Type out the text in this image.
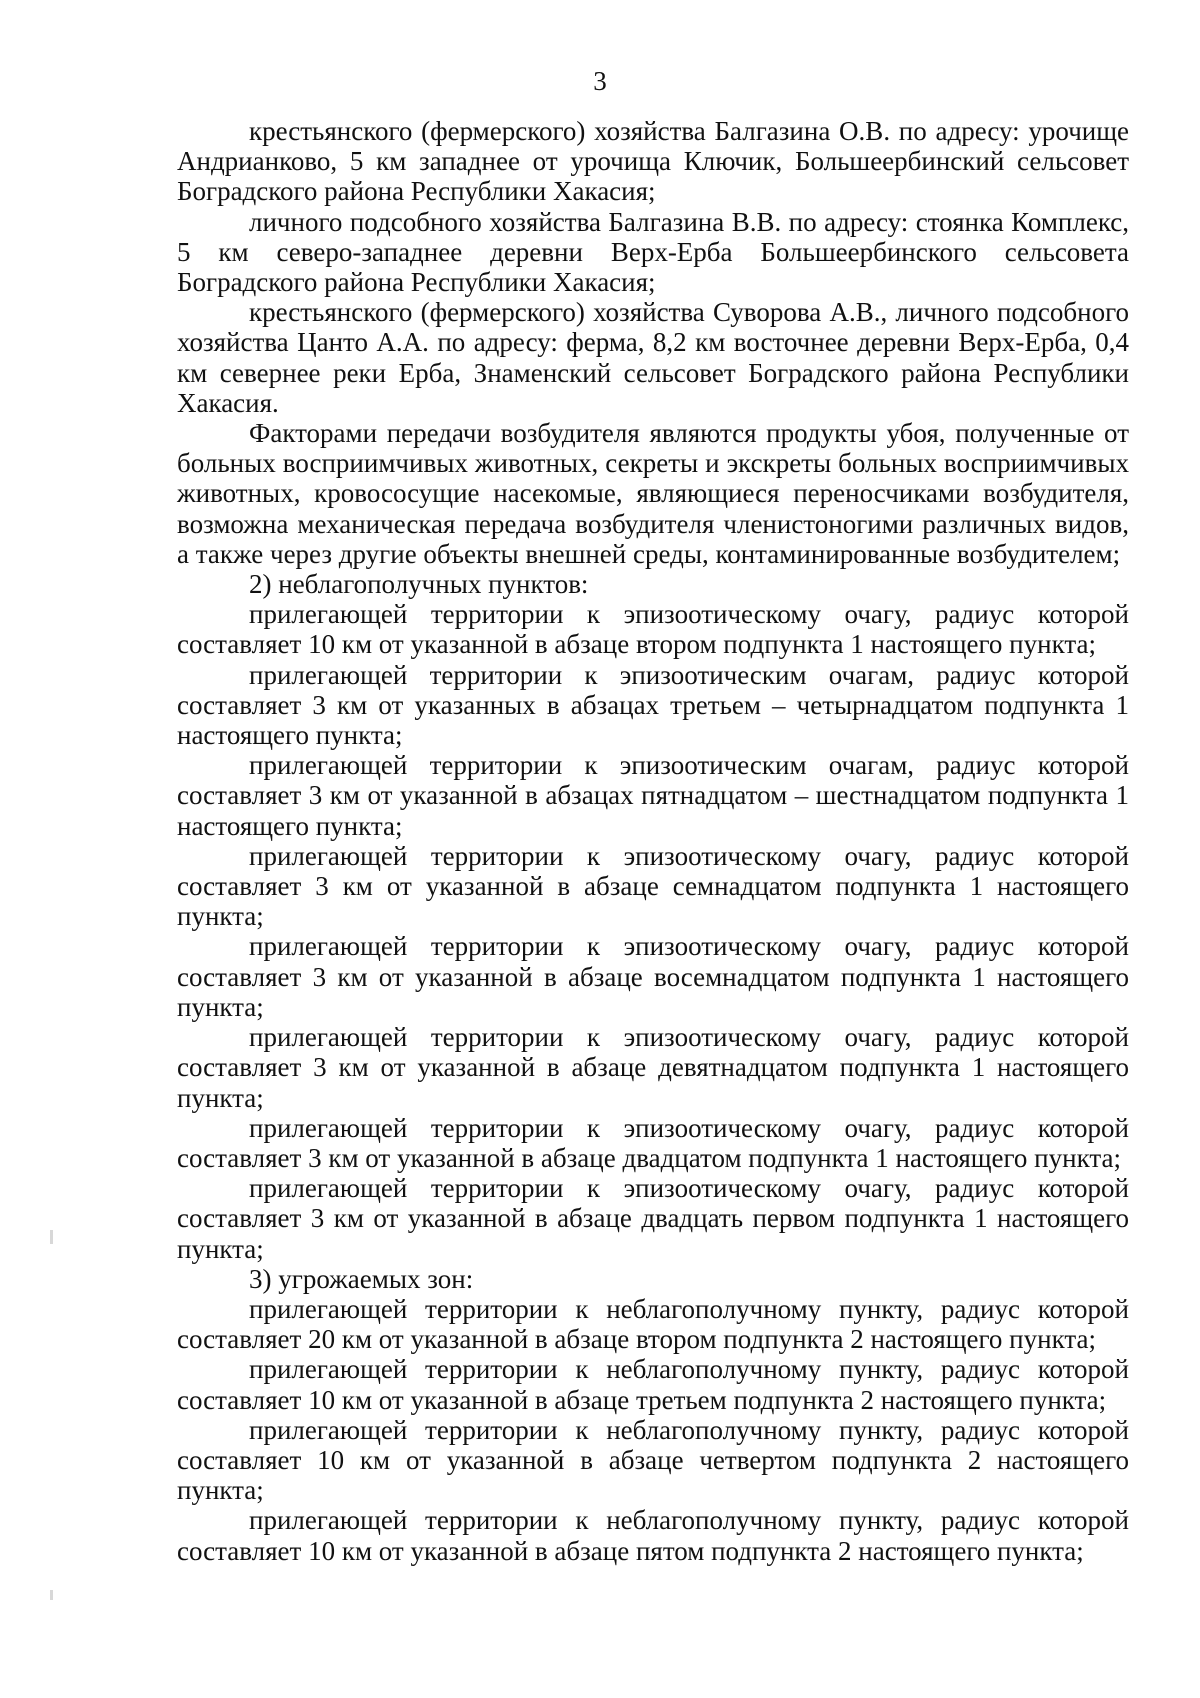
3

крестьянского (фермерского) хозяйства Балгазина О.В. по адресу: урочище Андрианково, 5 км западнее от урочища Ключик, Большеербинский сельсовет Боградского района Республики Хакасия;

личного подсобного хозяйства Балгазина В.В. по адресу: стоянка Комплекс, 5 км северо-западнее деревни Верх-Ерба Большеербинского сельсовета Боградского района Республики Хакасия;

крестьянского (фермерского) хозяйства Суворова А.В., личного подсобного хозяйства Цанто А.А. по адресу: ферма, 8,2 км восточнее деревни Верх-Ерба, 0,4 км севернее реки Ерба, Знаменский сельсовет Боградского района Республики Хакасия.

Факторами передачи возбудителя являются продукты убоя, полученные от больных восприимчивых животных, секреты и экскреты больных восприимчивых животных, кровососущие насекомые, являющиеся переносчиками возбудителя, возможна механическая передача возбудителя членистоногими различных видов, а также через другие объекты внешней среды, контаминированные возбудителем;

2) неблагополучных пунктов:

прилегающей территории к эпизоотическому очагу, радиус которой составляет 10 км от указанной в абзаце втором подпункта 1 настоящего пункта;

прилегающей территории к эпизоотическим очагам, радиус которой составляет 3 км от указанных в абзацах третьем – четырнадцатом подпункта 1 настоящего пункта;

прилегающей территории к эпизоотическим очагам, радиус которой составляет 3 км от указанной в абзацах пятнадцатом – шестнадцатом подпункта 1 настоящего пункта;

прилегающей территории к эпизоотическому очагу, радиус которой составляет 3 км от указанной в абзаце семнадцатом подпункта 1 настоящего пункта;

прилегающей территории к эпизоотическому очагу, радиус которой составляет 3 км от указанной в абзаце восемнадцатом подпункта 1 настоящего пункта;

прилегающей территории к эпизоотическому очагу, радиус которой составляет 3 км от указанной в абзаце девятнадцатом подпункта 1 настоящего пункта;

прилегающей территории к эпизоотическому очагу, радиус которой составляет 3 км от указанной в абзаце двадцатом подпункта 1 настоящего пункта;

прилегающей территории к эпизоотическому очагу, радиус которой составляет 3 км от указанной в абзаце двадцать первом подпункта 1 настоящего пункта;

3) угрожаемых зон:

прилегающей территории к неблагополучному пункту, радиус которой составляет 20 км от указанной в абзаце втором подпункта 2 настоящего пункта;

прилегающей территории к неблагополучному пункту, радиус которой составляет 10 км от указанной в абзаце третьем подпункта 2 настоящего пункта;

прилегающей территории к неблагополучному пункту, радиус которой составляет 10 км от указанной в абзаце четвертом подпункта 2 настоящего пункта;

прилегающей территории к неблагополучному пункту, радиус которой составляет 10 км от указанной в абзаце пятом подпункта 2 настоящего пункта;
